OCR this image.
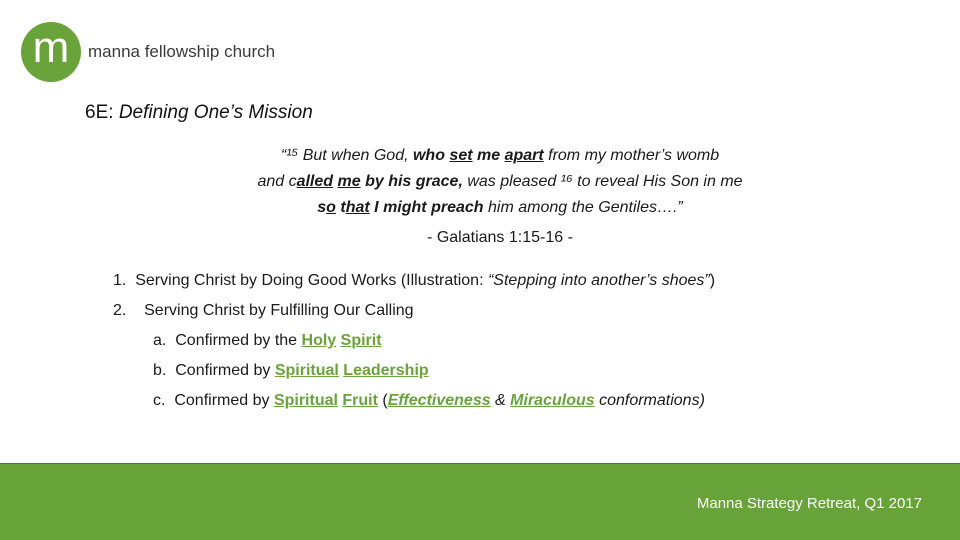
m	manna fellowship church
6E: Defining One’s Mission
“¹⁵ But when God, who set me apart from my mother’s womb
and called me by his grace, was pleased ¹⁶ to reveal His Son in me
so that I might preach him among the Gentiles….”
- Galatians 1:15-16 -
1. Serving Christ by Doing Good Works (Illustration: “Stepping into another’s shoes”)
2. Serving Christ by Fulfilling Our Calling
a. Confirmed by the Holy Spirit
b. Confirmed by Spiritual Leadership
c. Confirmed by Spiritual Fruit (Effectiveness & Miraculous conformations)
Manna Strategy Retreat, Q1 2017
